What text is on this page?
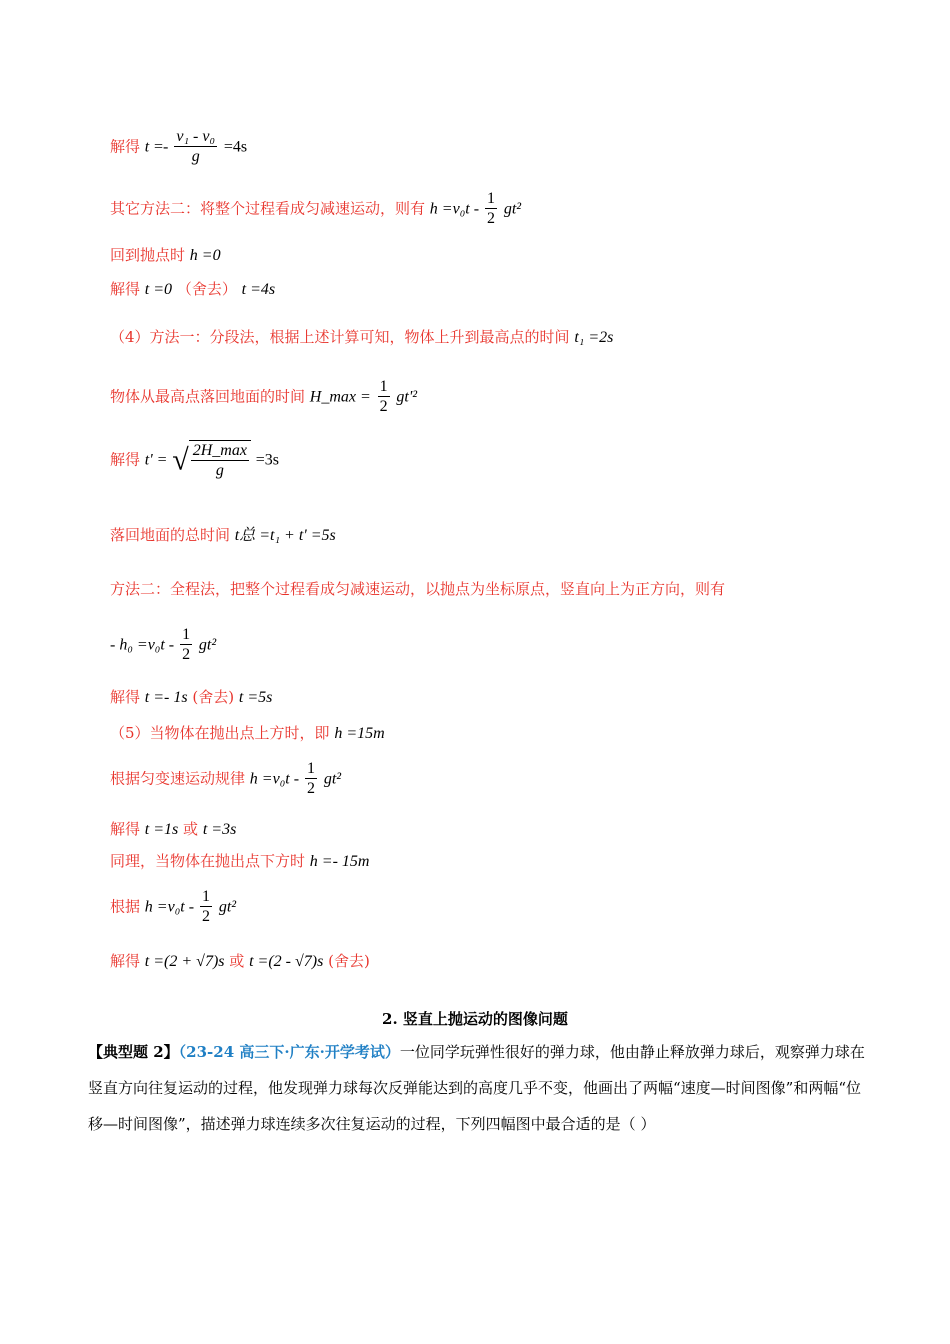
解得 $t =- \frac{\text{v₁ - v₀}}{g} =4s$
其它方法二：将整个过程看成匀减速运动，则有 $h =v_0t - \frac{1}{2} gt^2$
回到抛点时 h =0
解得 t =0 （舍去） t =4s
（4）方法一：分段法，根据上述计算可知，物体上升到最高点的时间 t₁ =2s
物体从最高点落回地面的时间 H_max = $\frac{1}{2} gt'^2$
解得 t' = √ $\frac{2H\_\max}{g} =3s$
落回地面的总时间 t总 =t₁ + t' =5s
方法二：全程法，把整个过程看成匀减速运动，以抛点为坐标原点，竖直向上为正方向，则有
- $h_0 =v_0t - \frac{1}{2} gt^2$
解得 t =- 1s (舍去) t =5s
（5）当物体在抛出点上方时，即 h =15m
根据匀变速运动规律 $h =v_0t - \frac{1}{2} gt^2$
解得 t =1s 或 t =3s
同理，当物体在抛出点下方时 h =- 15m
根据 $h =v_0t - \frac{1}{2} gt^2$
解得 t =(2 + √7)s 或 t =(2 - √7)s (舍去)
2. 竖直上抛运动的图像问题
【典型题 2】（23-24 高三下·广东·开学考试）一位同学玩弹性很好的弹力球，他由静止释放弹力球后，观察弹力球在竖直方向往复运动的过程，他发现弹力球每次反弹能达到的高度几乎不变，他画出了两幅“速度—时间图像”和两幅“位移—时间图像”，描述弹力球连续多次往复运动的过程，下列四幅图中最合适的是（ ）
